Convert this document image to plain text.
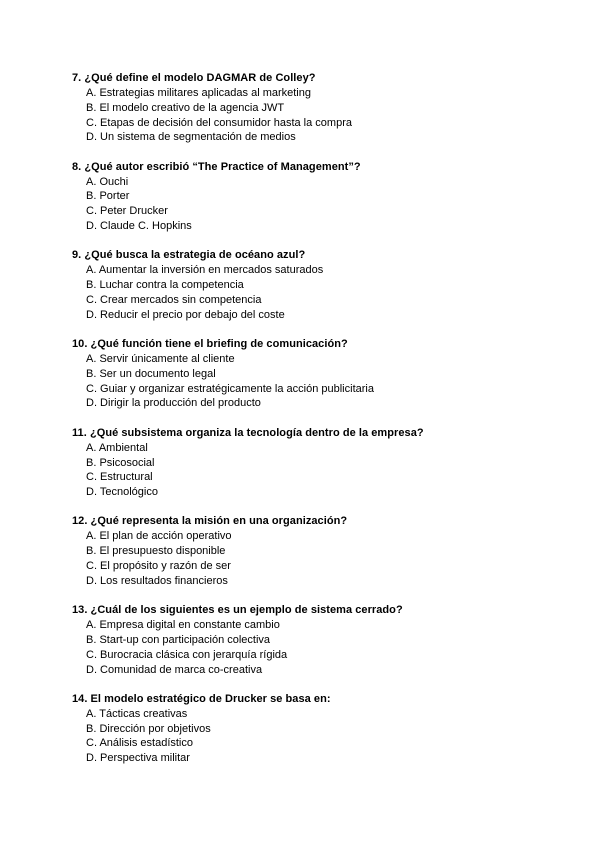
7. ¿Qué define el modelo DAGMAR de Colley?
A. Estrategias militares aplicadas al marketing
B. El modelo creativo de la agencia JWT
C. Etapas de decisión del consumidor hasta la compra
D. Un sistema de segmentación de medios
8. ¿Qué autor escribió “The Practice of Management”?
A. Ouchi
B. Porter
C. Peter Drucker
D. Claude C. Hopkins
9. ¿Qué busca la estrategia de océano azul?
A. Aumentar la inversión en mercados saturados
B. Luchar contra la competencia
C. Crear mercados sin competencia
D. Reducir el precio por debajo del coste
10. ¿Qué función tiene el briefing de comunicación?
A. Servir únicamente al cliente
B. Ser un documento legal
C. Guiar y organizar estratégicamente la acción publicitaria
D. Dirigir la producción del producto
11. ¿Qué subsistema organiza la tecnología dentro de la empresa?
A. Ambiental
B. Psicosocial
C. Estructural
D. Tecnológico
12. ¿Qué representa la misión en una organización?
A. El plan de acción operativo
B. El presupuesto disponible
C. El propósito y razón de ser
D. Los resultados financieros
13. ¿Cuál de los siguientes es un ejemplo de sistema cerrado?
A. Empresa digital en constante cambio
B. Start-up con participación colectiva
C. Burocracia clásica con jerarquía rígida
D. Comunidad de marca co-creativa
14. El modelo estratégico de Drucker se basa en:
A. Tácticas creativas
B. Dirección por objetivos
C. Análisis estadístico
D. Perspectiva militar
